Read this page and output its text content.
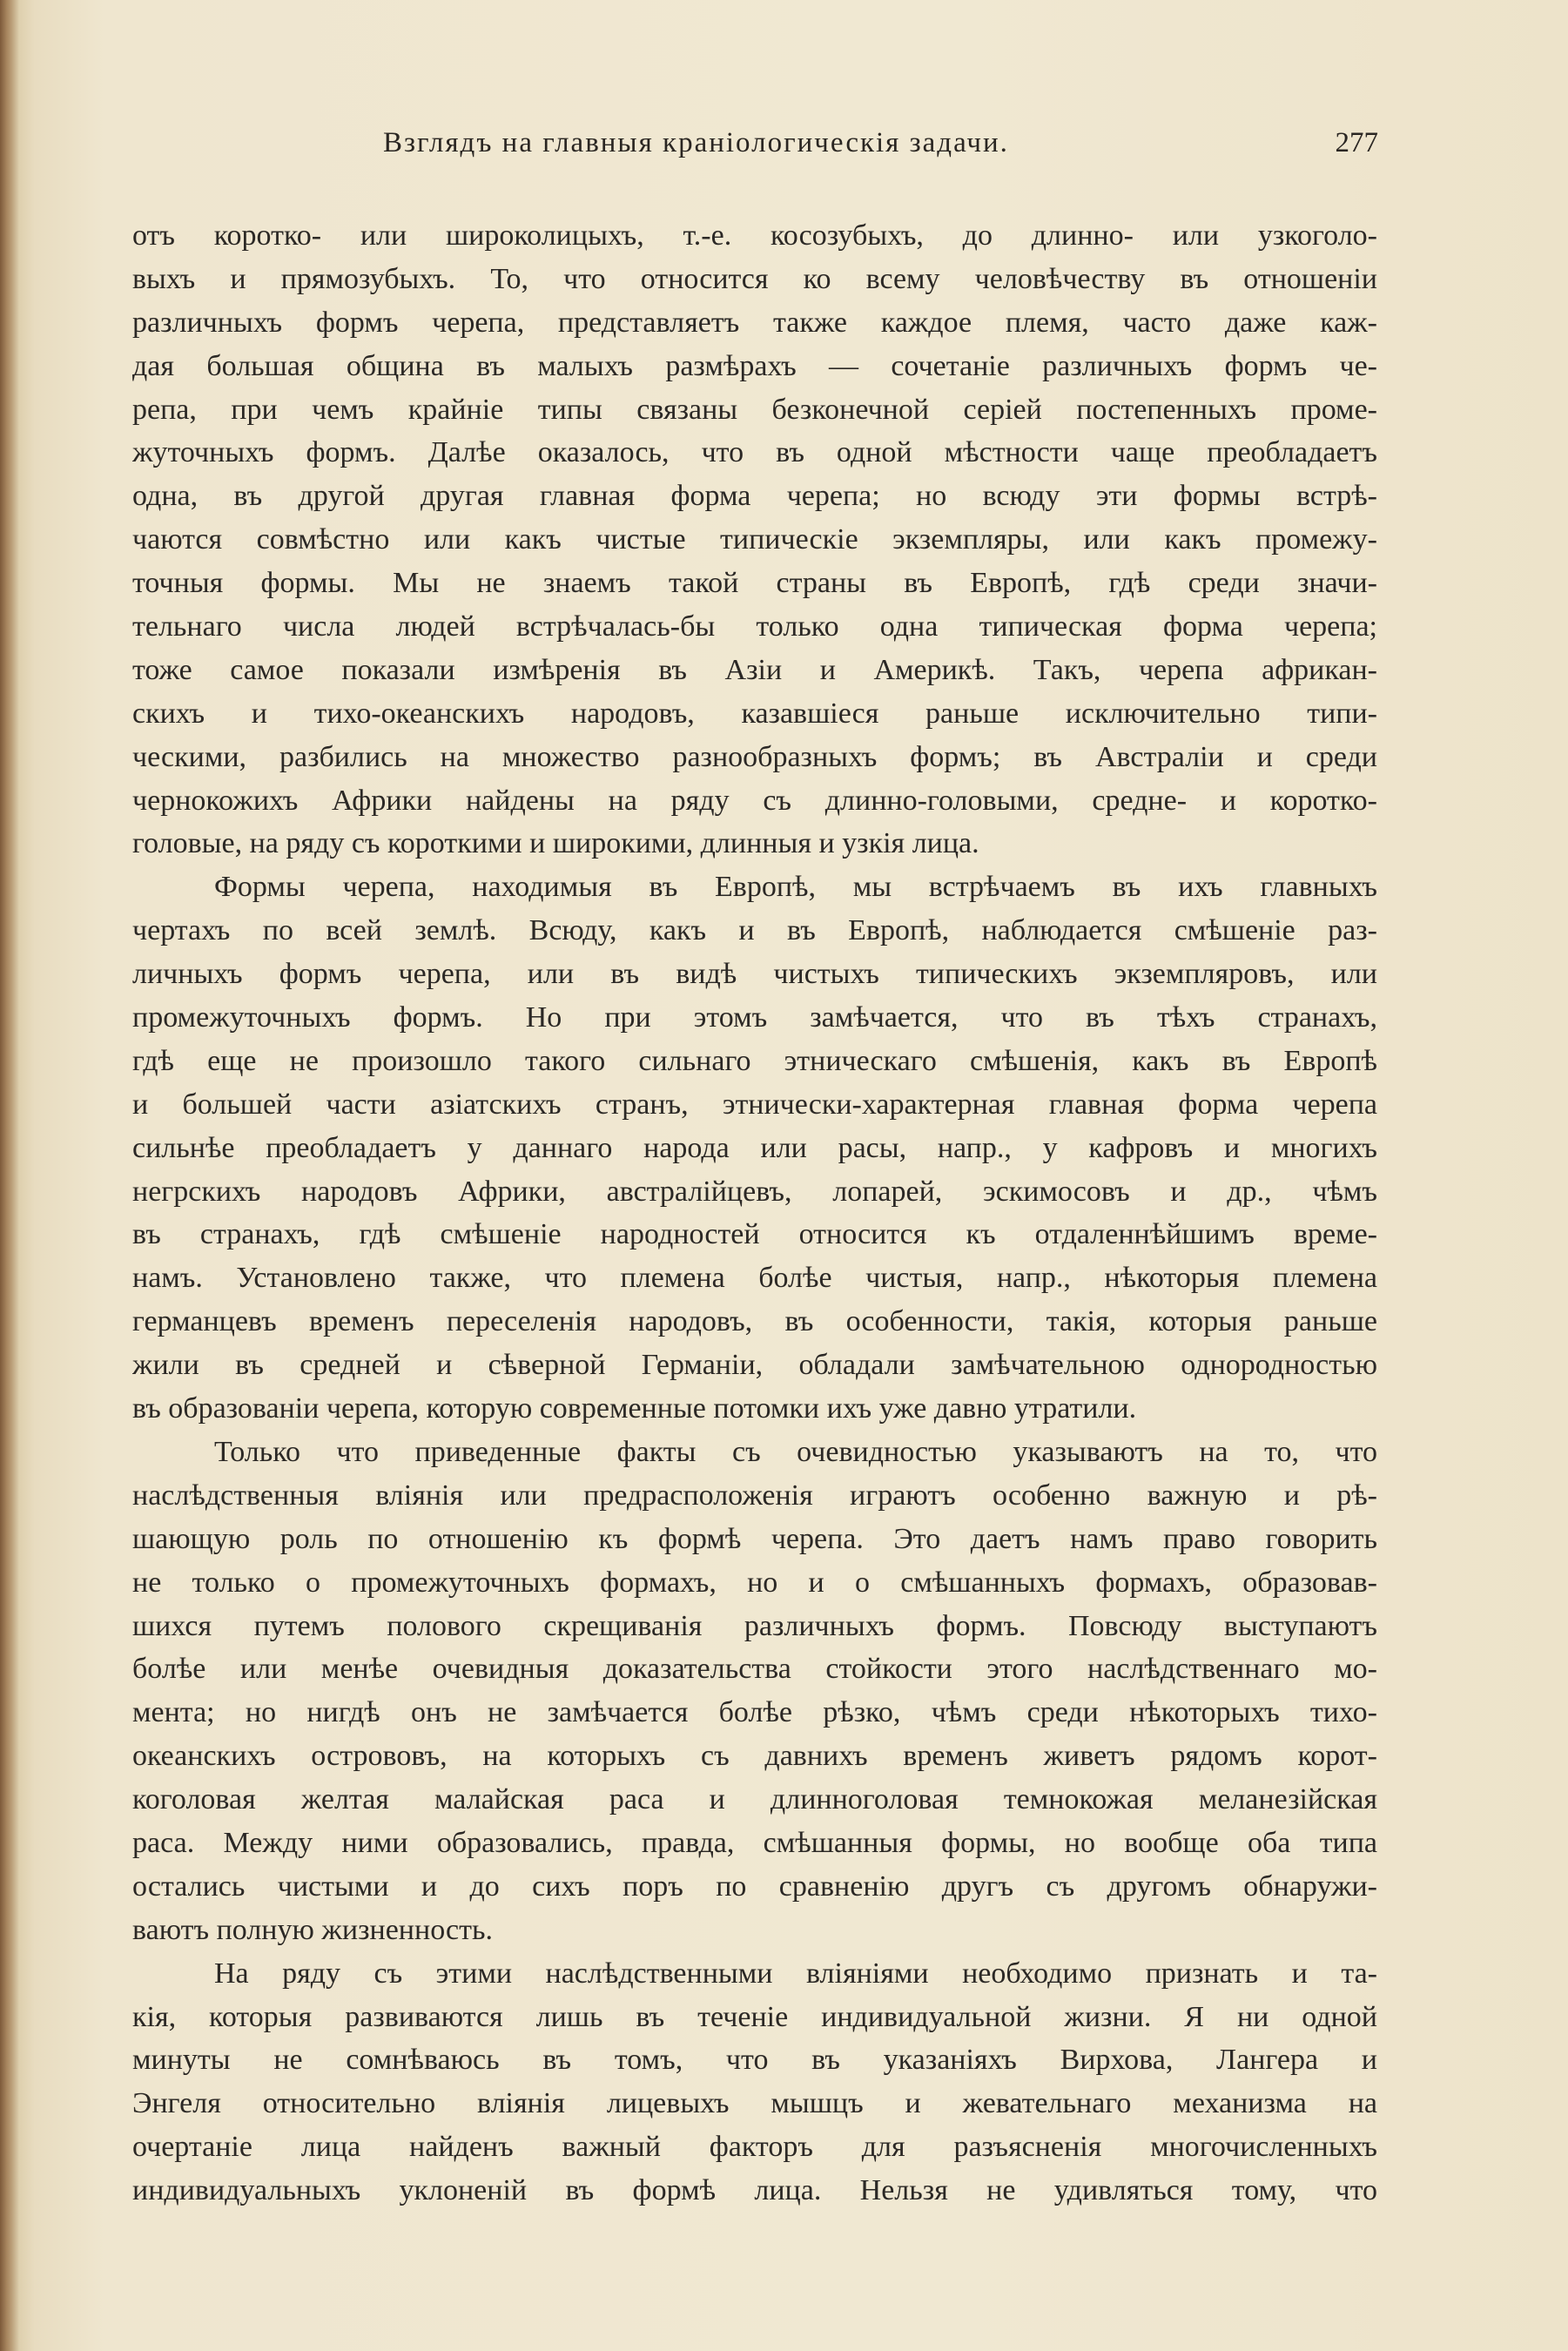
Взглядъ на главныя краніологическія задачи.	277
отъ коротко- или широколицыхъ, т.-е. косозубыхъ, до длинно- или узкоголо-
выхъ и прямозубыхъ. То, что относится ко всему человѣчеству въ отношеніи
различныхъ формъ черепа, представляетъ также каждое племя, часто даже каж-
дая большая община въ малыхъ размѣрахъ — сочетаніе различныхъ формъ че-
репа, при чемъ крайніе типы связаны безконечной серіей постепенныхъ проме-
жуточныхъ формъ. Далѣе оказалось, что въ одной мѣстности чаще преобладаетъ
одна, въ другой другая главная форма черепа; но всюду эти формы встрѣ-
чаются совмѣстно или какъ чистые типическіе экземпляры, или какъ промежу-
точныя формы. Мы не знаемъ такой страны въ Европѣ, гдѣ среди значи-
тельнаго числа людей встрѣчалась-бы только одна типическая форма черепа;
тоже самое показали измѣренія въ Азіи и Америкѣ. Такъ, черепа африкан-
скихъ и тихо-океанскихъ народовъ, казавшіеся раньше исключительно типи-
ческими, разбились на множество разнообразныхъ формъ; въ Австраліи и среди
чернокожихъ Африки найдены на ряду съ длинно-головыми, средне- и коротко-
головые, на ряду съ короткими и широкими, длинныя и узкія лица.
Формы черепа, находимыя въ Европѣ, мы встрѣчаемъ въ ихъ главныхъ
чертахъ по всей землѣ. Всюду, какъ и въ Европѣ, наблюдается смѣшеніе раз-
личныхъ формъ черепа, или въ видѣ чистыхъ типическихъ экземпляровъ, или
промежуточныхъ формъ. Но при этомъ замѣчается, что въ тѣхъ странахъ,
гдѣ еще не произошло такого сильнаго этническаго смѣшенія, какъ въ Европѣ
и большей части азіатскихъ странъ, этнически-характерная главная форма черепа
сильнѣе преобладаетъ у даннаго народа или расы, напр., у кафровъ и многихъ
негрскихъ народовъ Африки, австралійцевъ, лопарей, эскимосовъ и др., чѣмъ
въ странахъ, гдѣ смѣшеніе народностей относится къ отдаленнѣйшимъ време-
намъ. Установлено также, что племена болѣе чистыя, напр., нѣкоторыя племена
германцевъ временъ переселенія народовъ, въ особенности, такія, которыя раньше
жили въ средней и сѣверной Германіи, обладали замѣчательною однородностью
въ образованіи черепа, которую современные потомки ихъ уже давно утратили.
Только что приведенные факты съ очевидностью указываютъ на то, что
наслѣдственныя вліянія или предрасположенія играютъ особенно важную и рѣ-
шающую роль по отношенію къ формѣ черепа. Это даетъ намъ право говорить
не только о промежуточныхъ формахъ, но и о смѣшанныхъ формахъ, образовав-
шихся путемъ полового скрещиванія различныхъ формъ. Повсюду выступаютъ
болѣе или менѣе очевидныя доказательства стойкости этого наслѣдственнаго мо-
мента; но нигдѣ онъ не замѣчается болѣе рѣзко, чѣмъ среди нѣкоторыхъ тихо-
океанскихъ острововъ, на которыхъ съ давнихъ временъ живетъ рядомъ корот-
коголовая желтая малайская раса и длинноголовая темнокожая меланезійская
раса. Между ними образовались, правда, смѣшанныя формы, но вообще оба типа
остались чистыми и до сихъ поръ по сравненію другъ съ другомъ обнаружи-
ваютъ полную жизненность.
На ряду съ этими наслѣдственными вліяніями необходимо признать и та-
кія, которыя развиваются лишь въ теченіе индивидуальной жизни. Я ни одной
минуты не сомнѣваюсь въ томъ, что въ указаніяхъ Вирхова, Лангера и
Энгеля относительно вліянія лицевыхъ мышцъ и жевательнаго механизма на
очертаніе лица найденъ важный факторъ для разъясненія многочисленныхъ
индивидуальныхъ уклоненій въ формѣ лица. Нельзя не удивляться тому, что
